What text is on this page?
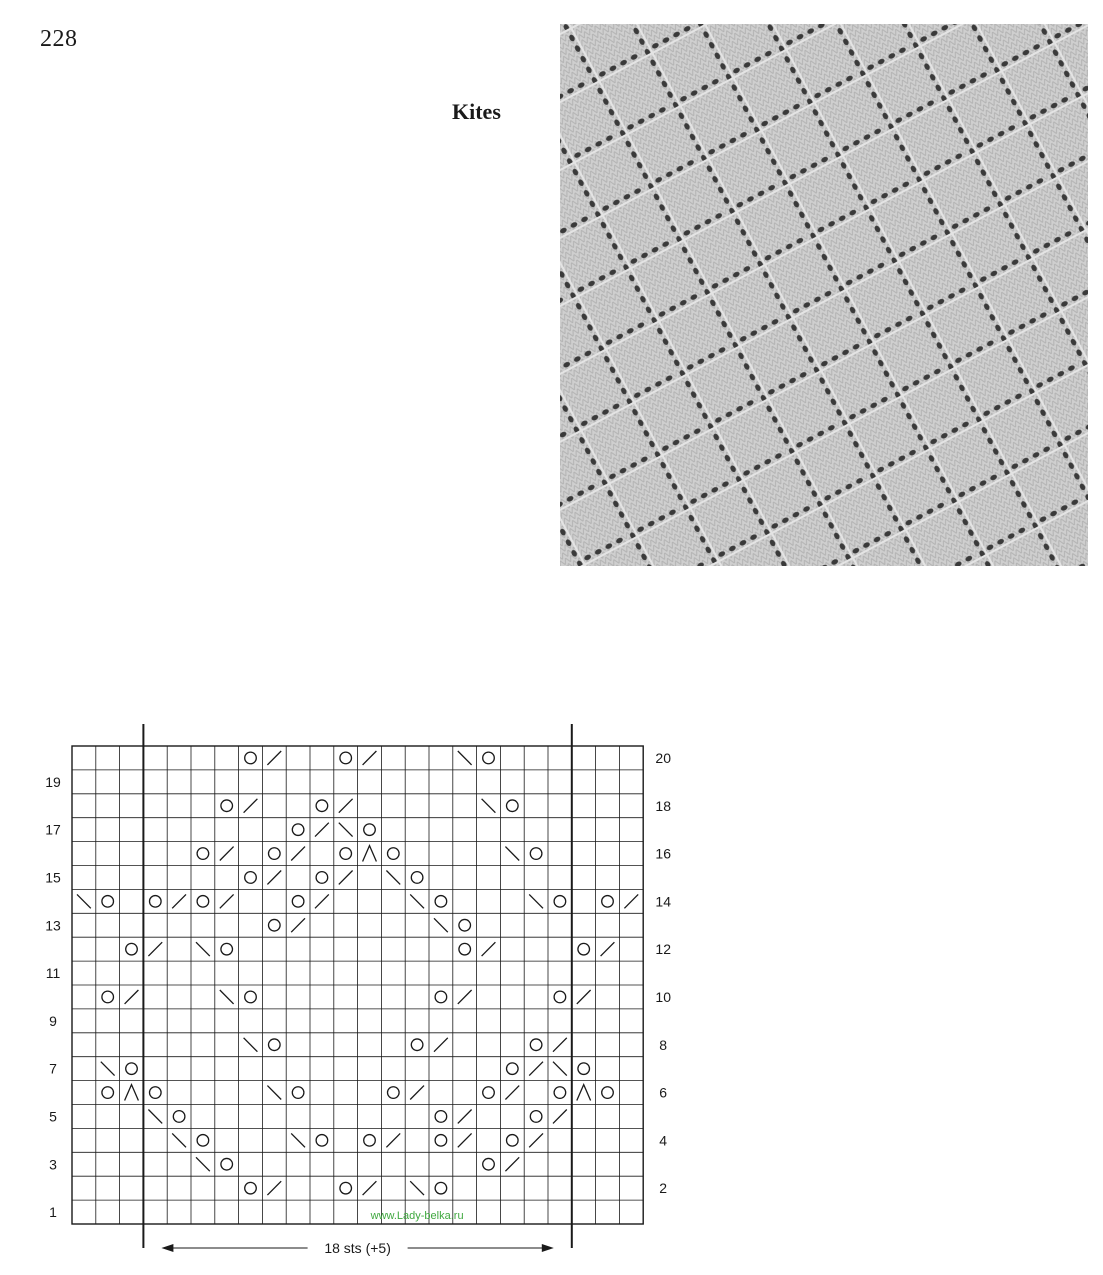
228
Kites
19
17
15
13
11
9
7
5
3
1
20
18
16
14
12
10
8
6
4
2
18 sts (+5)
www.Lady-belka.ru
